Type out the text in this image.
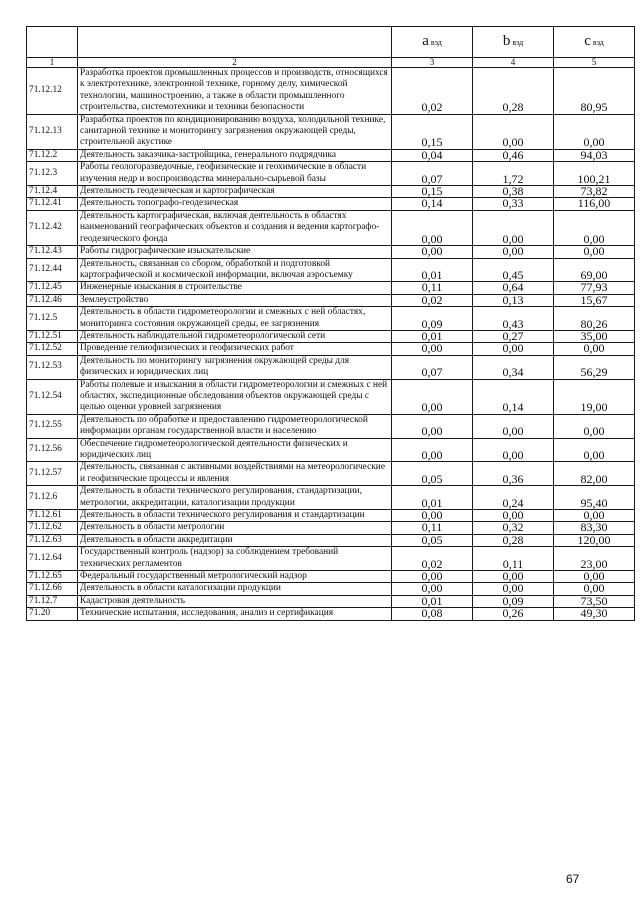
		a вэд	b вэд	c вэд
1	2	3	4	5
71.12.12	Разработка проектов промышленных процессов и производств, относящихся к электротехнике, электронной технике, горному делу, химической технологии, машиностроению, а также в области промышленного строительства, системотехники и техники безопасности	0,02	0,28	80,95
71.12.13	Разработка проектов по кондиционированию воздуха, холодильной технике, санитарной технике и мониторингу загрязнения окружающей среды, строительной акустике	0,15	0,00	0,00
71.12.2	Деятельность заказчика-застройщика, генерального подрядчика	0,04	0,46	94,03
71.12.3	Работы геологоразведочные, геофизические и геохимические в области изучения недр и воспроизводства минерально-сырьевой базы	0,07	1,72	100,21
71.12.4	Деятельность геодезическая и картографическая	0,15	0,38	73,82
71.12.41	Деятельность топографо-геодезическая	0,14	0,33	116,00
71.12.42	Деятельность картографическая, включая деятельность в областях наименований географических объектов и создания и ведения картографо-геодезического фонда	0,00	0,00	0,00
71.12.43	Работы гидрографические изыскательские	0,00	0,00	0,00
71.12.44	Деятельность, связанная со сбором, обработкой и подготовкой картографической и космической информации, включая аэросъемку	0,01	0,45	69,00
71.12.45	Инженерные изыскания в строительстве	0,11	0,64	77,93
71.12.46	Землеустройство	0,02	0,13	15,67
71.12.5	Деятельность в области гидрометеорологии и смежных с ней областях, мониторинга состояния окружающей среды, ее загрязнения	0,09	0,43	80,26
71.12.51	Деятельность наблюдательной гидрометеорологической сети	0,01	0,27	35,00
71.12.52	Проведение гелиофизических и геофизических работ	0,00	0,00	0,00
71.12.53	Деятельность по мониторингу загрязнения окружающей среды для физических и юридических лиц	0,07	0,34	56,29
71.12.54	Работы полевые и изыскания в области гидрометеорологии и смежных с ней областях, экспедиционные обследования объектов окружающей среды с целью оценки уровней загрязнения	0,00	0,14	19,00
71.12.55	Деятельность по обработке и предоставлению гидрометеорологической информации органам государственной власти и населению	0,00	0,00	0,00
71.12.56	Обеспечение гидрометеорологической деятельности физических и юридических лиц	0,00	0,00	0,00
71.12.57	Деятельность, связанная с активными воздействиями на метеорологические и геофизические процессы и явления	0,05	0,36	82,00
71.12.6	Деятельность в области технического регулирования, стандартизации, метрологии, аккредитации, каталогизации продукции	0,01	0,24	95,40
71.12.61	Деятельность в области технического регулирования и стандартизации	0,00	0,00	0,00
71.12.62	Деятельность в области метрологии	0,11	0,32	83,30
71.12.63	Деятельность в области аккредитации	0,05	0,28	120,00
71.12.64	Государственный контроль (надзор) за соблюдением требований технических регламентов	0,02	0,11	23,00
71.12.65	Федеральный государственный метрологический надзор	0,00	0,00	0,00
71.12.66	Деятельность в области каталогизации продукции	0,00	0,00	0,00
71.12.7	Кадастровая деятельность	0,01	0,09	73,50
71.20	Технические испытания, исследования, анализ и сертификация	0,08	0,26	49,30
67
